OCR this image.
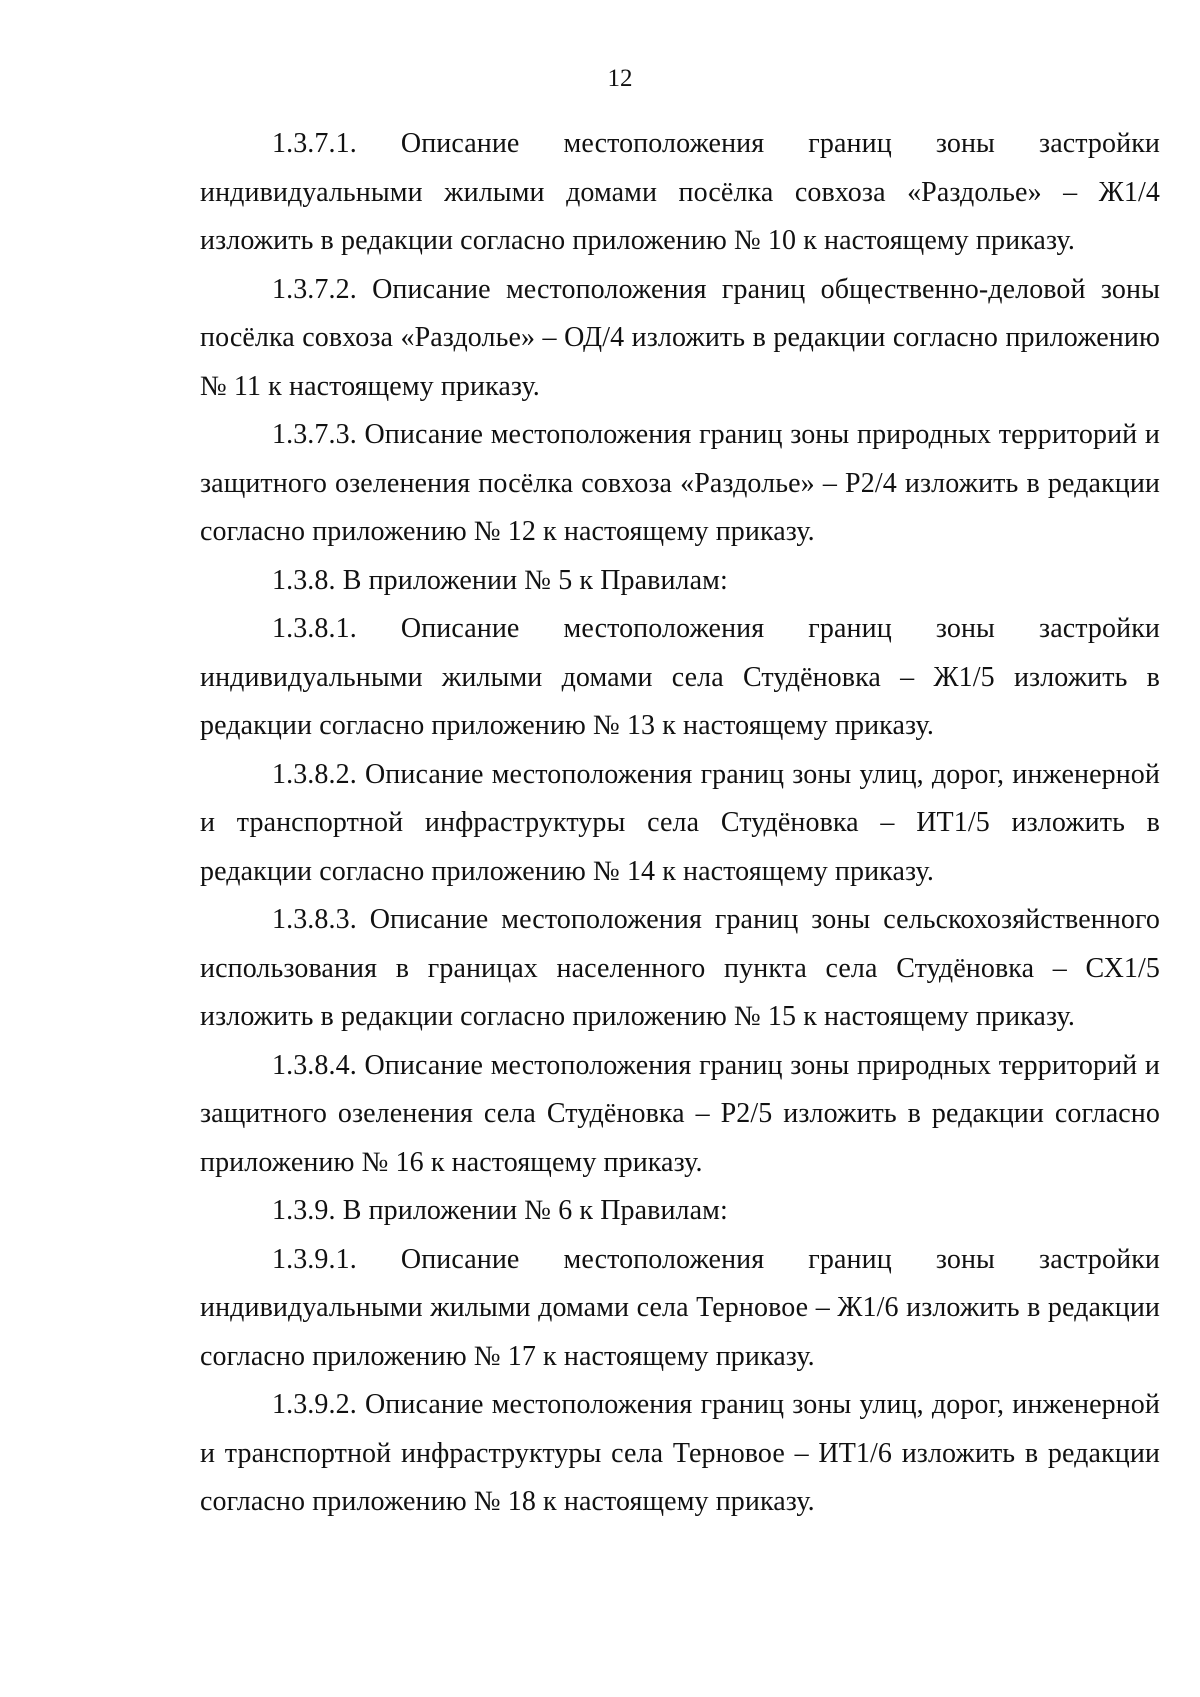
12

1.3.7.1. Описание местоположения границ зоны застройки индивидуальными жилыми домами посёлка совхоза «Раздолье» – Ж1/4 изложить в редакции согласно приложению № 10 к настоящему приказу.

1.3.7.2. Описание местоположения границ общественно-деловой зоны посёлка совхоза «Раздолье» – ОД/4 изложить в редакции согласно приложению № 11 к настоящему приказу.

1.3.7.3. Описание местоположения границ зоны природных территорий и защитного озеленения посёлка совхоза «Раздолье» – Р2/4 изложить в редакции согласно приложению № 12 к настоящему приказу.

1.3.8. В приложении № 5 к Правилам:

1.3.8.1. Описание местоположения границ зоны застройки индивидуальными жилыми домами села Студёновка – Ж1/5 изложить в редакции согласно приложению № 13 к настоящему приказу.

1.3.8.2. Описание местоположения границ зоны улиц, дорог, инженерной и транспортной инфраструктуры села Студёновка – ИТ1/5 изложить в редакции согласно приложению № 14 к настоящему приказу.

1.3.8.3. Описание местоположения границ зоны сельскохозяйственного использования в границах населенного пункта села Студёновка – СХ1/5 изложить в редакции согласно приложению № 15 к настоящему приказу.

1.3.8.4. Описание местоположения границ зоны природных территорий и защитного озеленения села Студёновка – Р2/5 изложить в редакции согласно приложению № 16 к настоящему приказу.

1.3.9. В приложении № 6 к Правилам:

1.3.9.1. Описание местоположения границ зоны застройки индивидуальными жилыми домами села Терновое – Ж1/6 изложить в редакции согласно приложению № 17 к настоящему приказу.

1.3.9.2. Описание местоположения границ зоны улиц, дорог, инженерной и транспортной инфраструктуры села Терновое – ИТ1/6 изложить в редакции согласно приложению № 18 к настоящему приказу.
